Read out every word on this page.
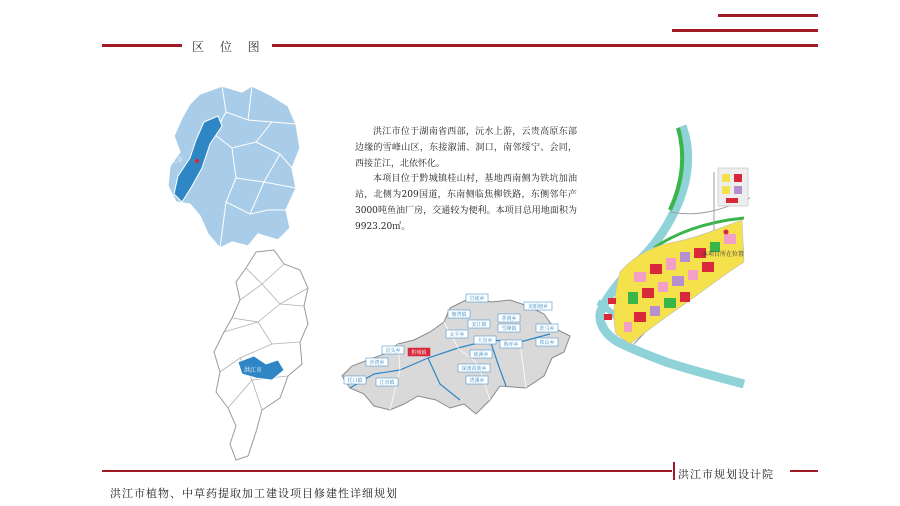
区 位 图
怀化市
洪江市

洪江市位于湖南省西部，沅水上游，云贵高原东部边缘的雪峰山区，东接溆浦、洞口，南邻绥宁、会同，西接芷江，北依怀化。

本项目位于黔城镇桂山村，基地西南侧为铁坑加油站，北侧为209国道，东南侧临焦柳铁路，东侧邻年产3000吨鱼油厂房，交通较为便利。本项目总用地面积为9923.20㎡。

岩垅乡
龙船塘乡
塘湾镇
安江镇
茅渡乡
雪峰镇	洗马乡
铁山乡
太平乡
大崇乡
熟坪乡
硖洲乡
岔头乡 黔城镇
沙湾乡
托口镇	江市镇
深渡苗族乡
湾溪乡
本项目所在位置
洪江市规划设计院
洪江市植物、中草药提取加工建设项目修建性详细规划
